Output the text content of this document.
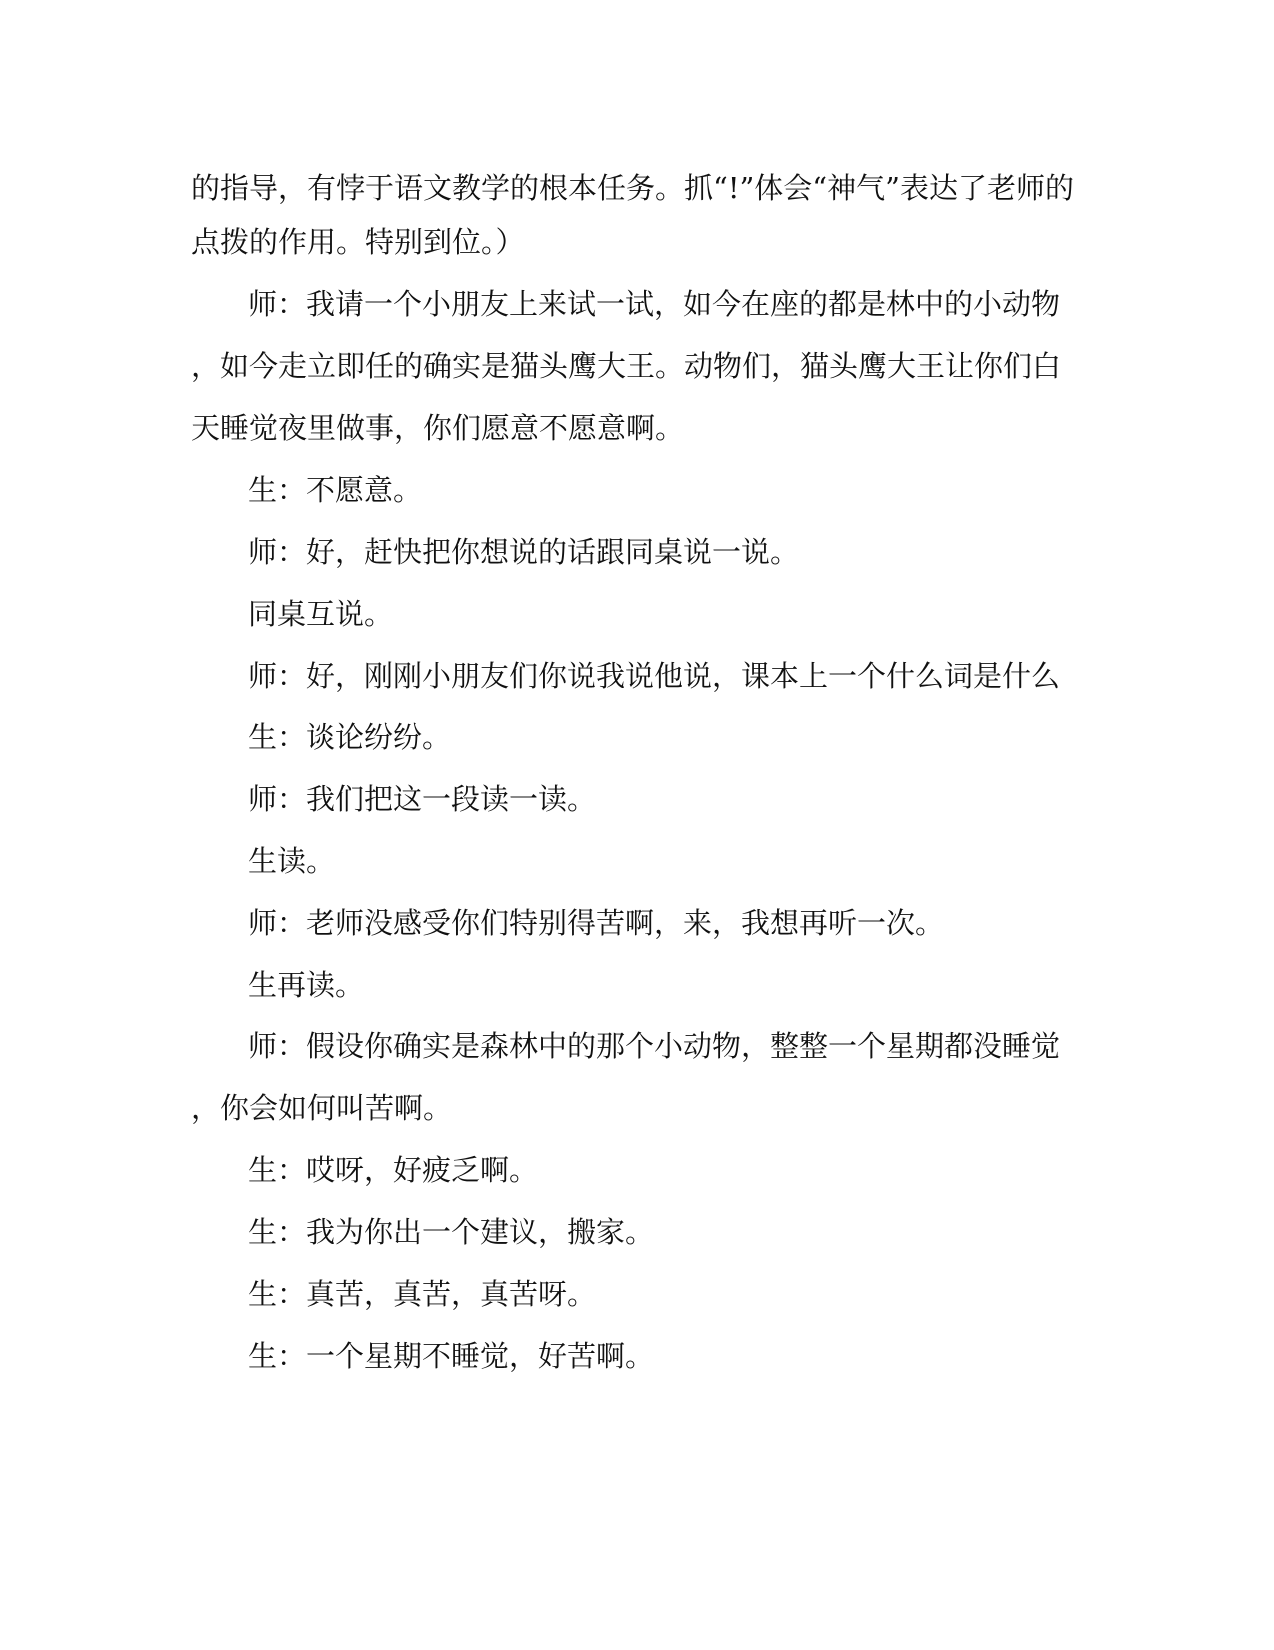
的指导，有悖于语文教学的根本任务。抓“!”体会“神气”表达了老师的

点拨的作用。特别到位。）

师：我请一个小朋友上来试一试，如今在座的都是林中的小动物

，如今走立即任的确实是猫头鹰大王。动物们，猫头鹰大王让你们白

天睡觉夜里做事，你们愿意不愿意啊。

生：不愿意。

师：好，赶快把你想说的话跟同桌说一说。

同桌互说。

师：好，刚刚小朋友们你说我说他说，课本上一个什么词是什么

生：谈论纷纷。

师：我们把这一段读一读。

生读。

师：老师没感受你们特别得苦啊，来，我想再听一次。

生再读。

师：假设你确实是森林中的那个小动物，整整一个星期都没睡觉

，你会如何叫苦啊。

生：哎呀，好疲乏啊。

生：我为你出一个建议，搬家。

生：真苦，真苦，真苦呀。

生：一个星期不睡觉，好苦啊。
